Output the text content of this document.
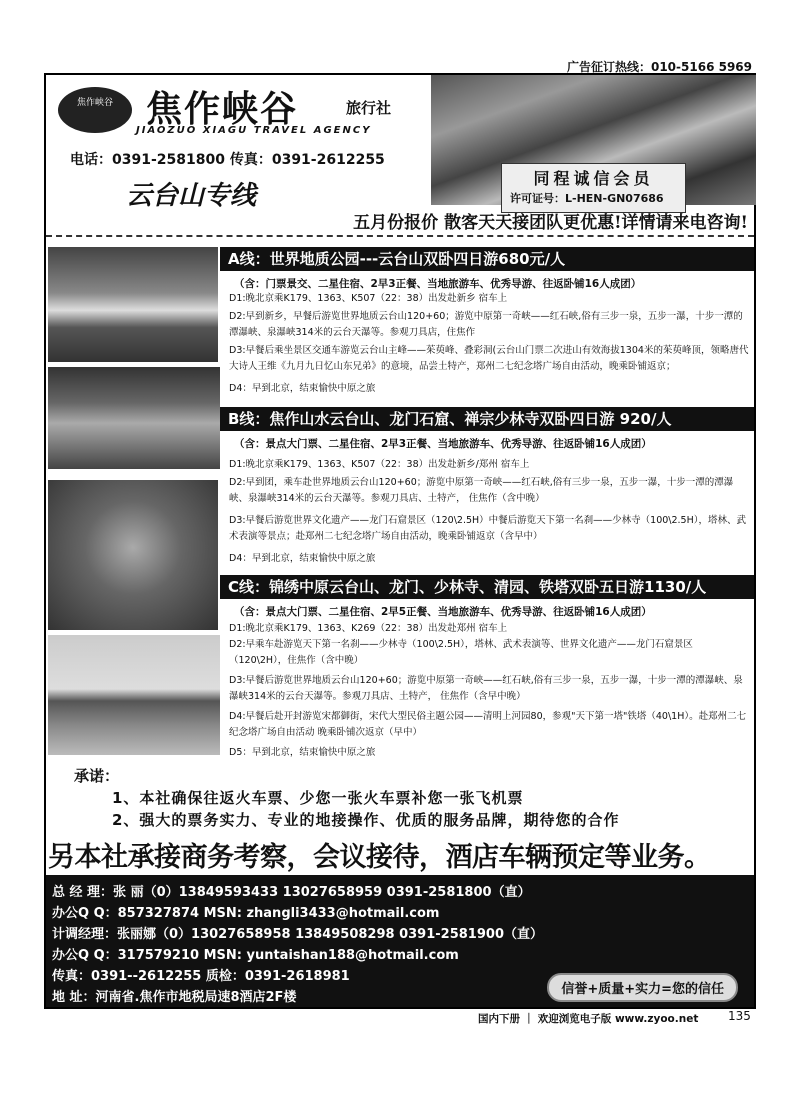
广告征订热线：010-5166 5969
焦作峡谷 焦作峡谷	旅行社
JIAOZUO XIAGU TRAVEL AGENCY
电话：0391-2581800 传真：0391-2612255
云台山专线
同程诚信会员
许可证号：L-HEN-GN07686
五月份报价 散客天天接团队更优惠!详情请来电咨询!
A线：世界地质公园---云台山双卧四日游680元/人
（含：门票景交、二星住宿、2早3正餐、当地旅游车、优秀导游、往返卧铺16人成团）
D1:晚北京乘K179、1363、K507（22：38）出发赴新乡 宿车上
D2:早到新乡，早餐后游览世界地质云台山120+60；游览中原第一奇峡——红石峡,俗有三步一泉，五步一瀑，十步一潭的潭瀑峡、泉瀑峡314米的云台天瀑等。参观刀具店，住焦作
D3:早餐后乘坐景区交通车游览云台山主峰——茱萸峰、叠彩洞(云台山门票二次进山有效海拔1304米的茱萸峰顶，领略唐代大诗人王维《九月九日忆山东兄弟》的意境，品尝土特产，郑州二七纪念塔广场自由活动，晚乘卧铺返京；
D4：早到北京，结束愉快中原之旅
B线：焦作山水云台山、龙门石窟、禅宗少林寺双卧四日游 920/人
（含：景点大门票、二星住宿、2早3正餐、当地旅游车、优秀导游、往返卧铺16人成团）
D1:晚北京乘K179、1363、K507（22：38）出发赴新乡/郑州 宿车上
D2:早到团，乘车赴世界地质云台山120+60；游览中原第一奇峡——红石峡,俗有三步一泉，五步一瀑，十步一潭的潭瀑峡、泉瀑峡314米的云台天瀑等。参观刀具店、土特产， 住焦作（含中晚）
D3:早餐后游览世界文化遗产——龙门石窟景区（120\2.5H）中餐后游览天下第一名刹——少林寺（100\2.5H），塔林、武术表演等景点；赴郑州二七纪念塔广场自由活动，晚乘卧铺返京（含早中）
D4：早到北京，结束愉快中原之旅
C线：锦绣中原云台山、龙门、少林寺、清园、铁塔双卧五日游1130/人
（含：景点大门票、二星住宿、2早5正餐、当地旅游车、优秀导游、往返卧铺16人成团）
D1:晚北京乘K179、1363、K269（22：38）出发赴郑州 宿车上
D2:早乘车赴游览天下第一名刹——少林寺（100\2.5H），塔林、武术表演等、世界文化遗产——龙门石窟景区（120\2H），住焦作（含中晚）
D3:早餐后游览世界地质云台山120+60；游览中原第一奇峡——红石峡,俗有三步一泉，五步一瀑，十步一潭的潭瀑峡、泉瀑峡314米的云台天瀑等。参观刀具店、土特产， 住焦作（含早中晚）
D4:早餐后赴开封游览宋都御街，宋代大型民俗主题公园——清明上河园80，参观"天下第一塔"铁塔（40\1H）。赴郑州二七纪念塔广场自由活动 晚乘卧铺次返京（早中）
D5：早到北京，结束愉快中原之旅
承诺：
1、本社确保往返火车票、少您一张火车票补您一张飞机票
2、强大的票务实力、专业的地接操作、优质的服务品牌，期待您的合作
另本社承接商务考察，会议接待，酒店车辆预定等业务。
总 经 理：张 丽（0）13849593433 13027658959 0391-2581800（直）
办公Q Q：857327874 MSN: zhangli3433@hotmail.com
计调经理：张丽娜（0）13027658958 13849508298 0391-2581900（直）
办公Q Q：317579210 MSN: yuntaishan188@hotmail.com
传真：0391--2612255 质检：0391-2618981
地 址：河南省.焦作市地税局速8酒店2F楼
信誉+质量+实力=您的信任
国内下册 ｜ 欢迎浏览电子版 www.zyoo.net 135
